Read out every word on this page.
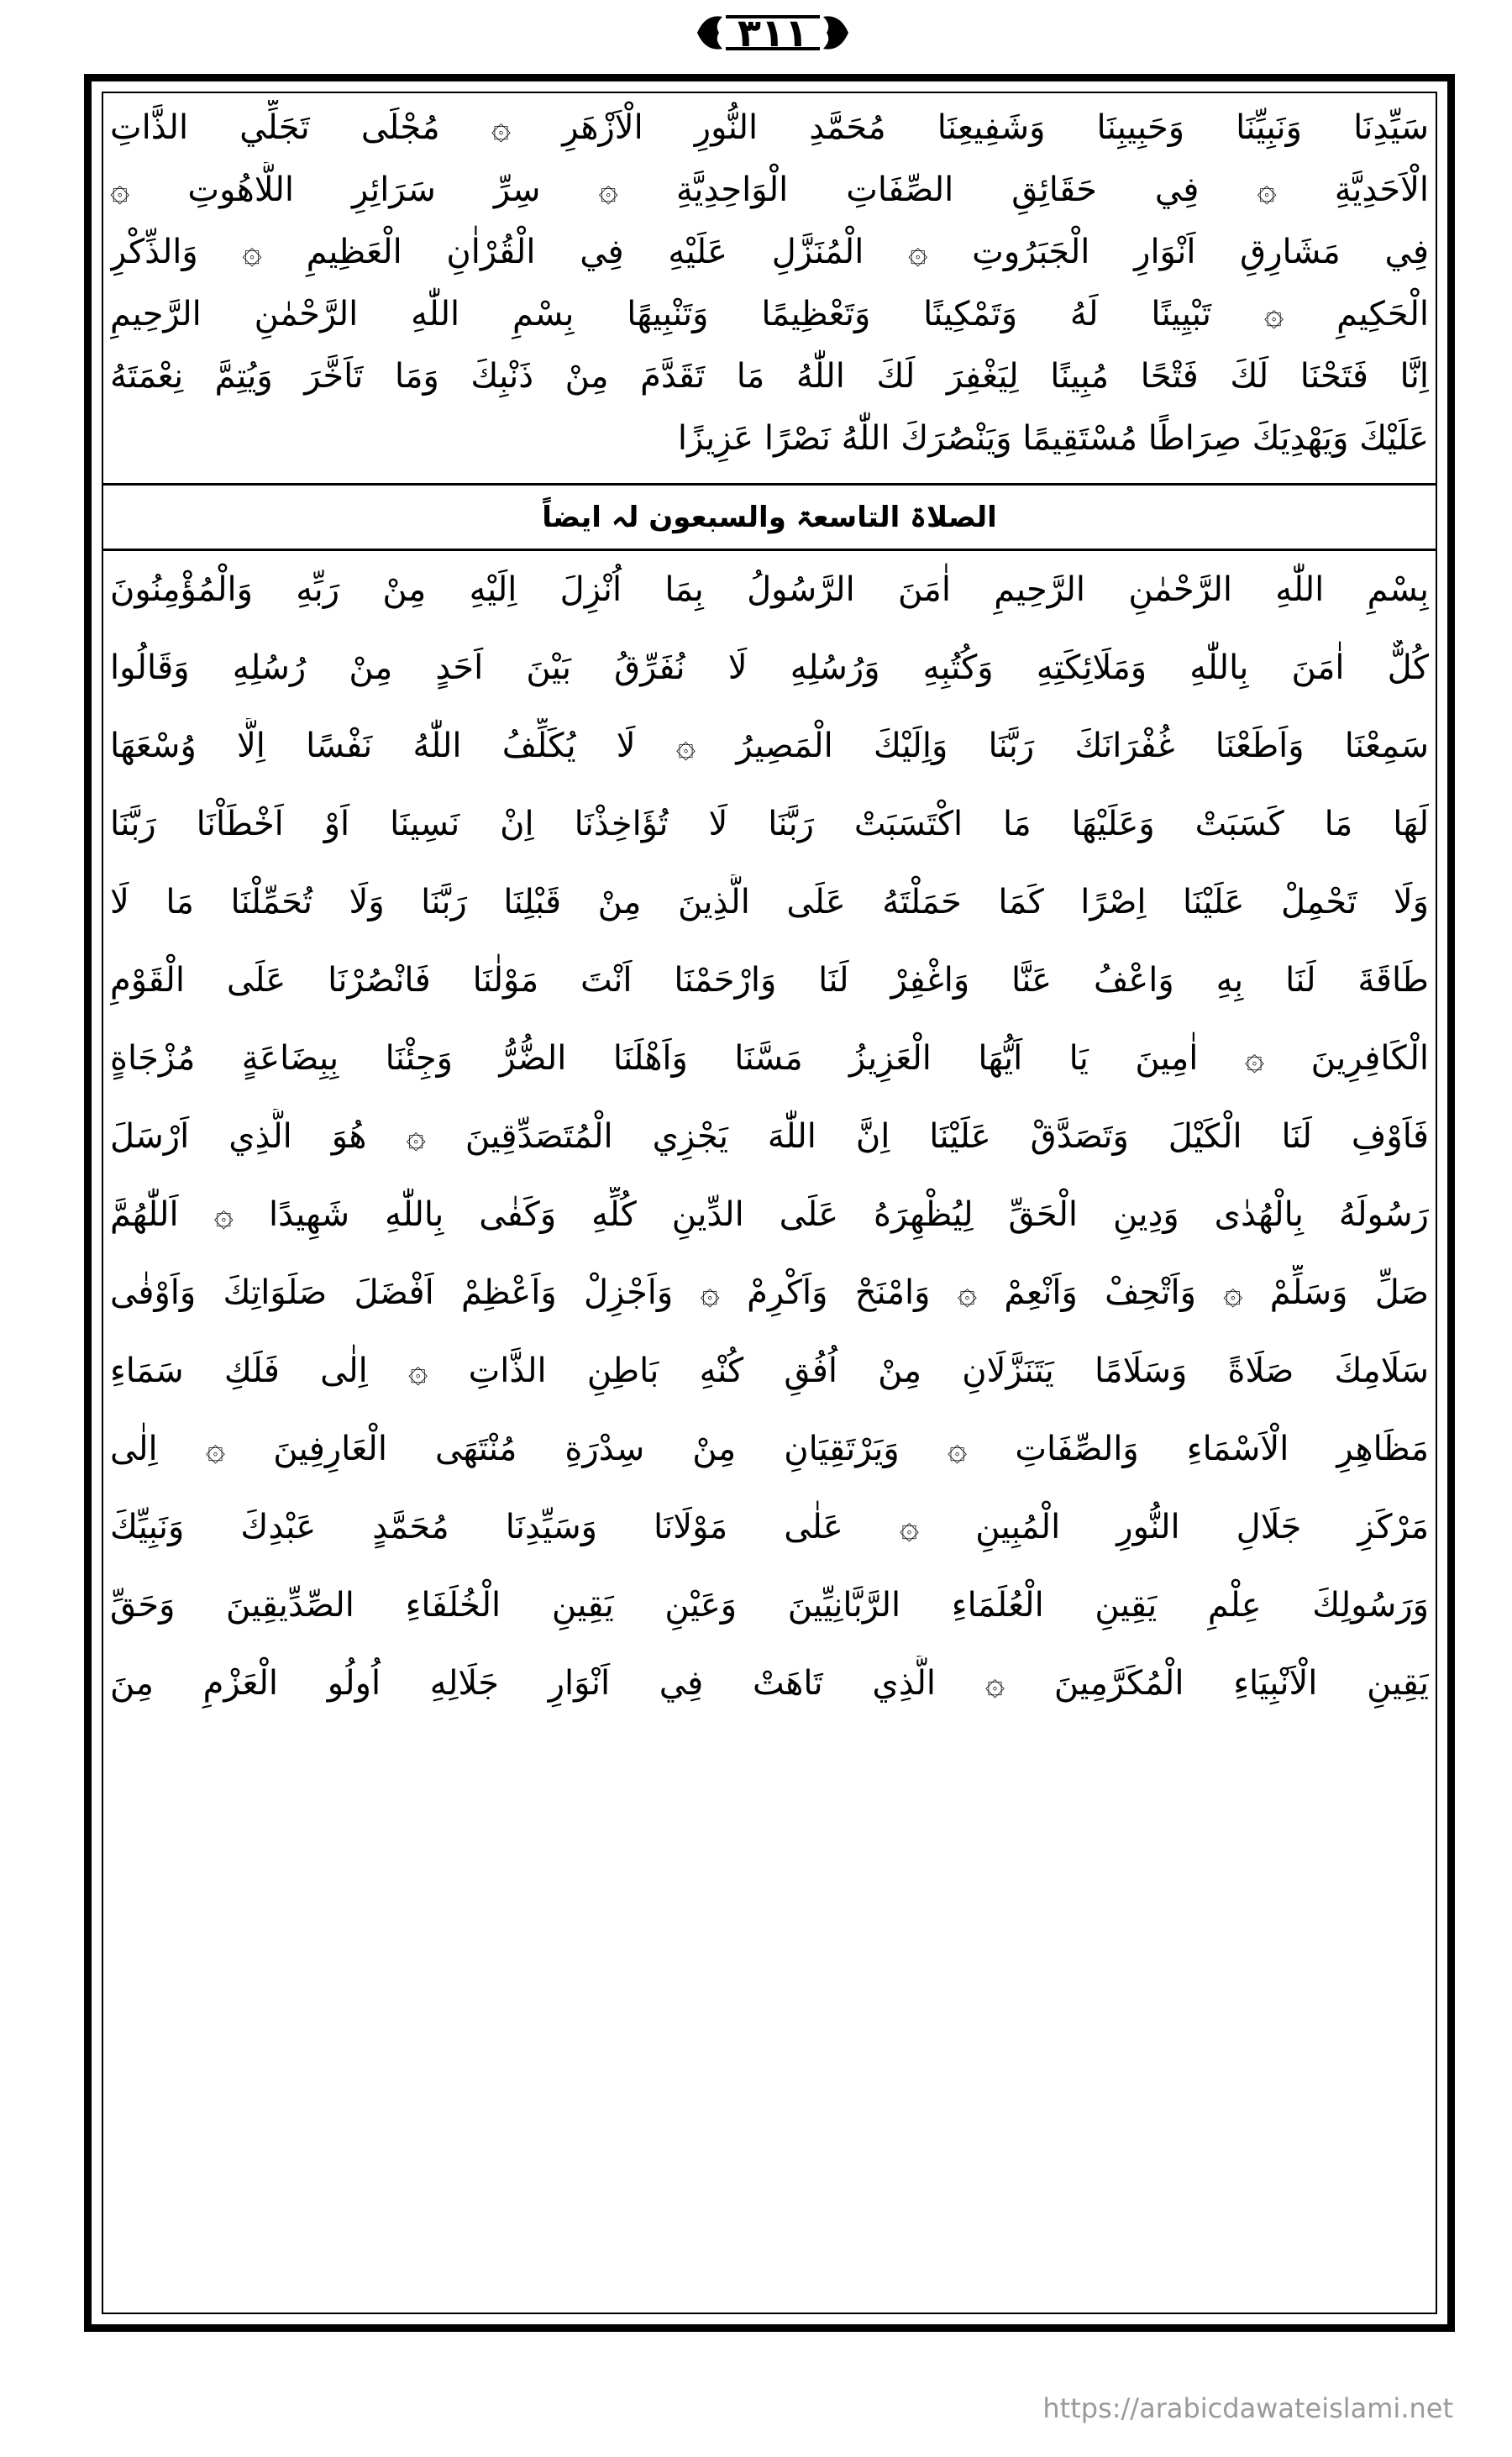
٣١١
سَيِّدِنَا وَنَبِيِّنَا وَحَبِيبِنَا وَشَفِيعِنَا مُحَمَّدِ النُّورِ الْاَزْهَرِ ۞ مُجْلَى تَجَلِّي الذَّاتِ
الْاَحَدِيَّةِ ۞ فِي حَقَائِقِ الصِّفَاتِ الْوَاحِدِيَّةِ ۞ سِرِّ سَرَائِرِ اللَّاهُوتِ ۞
فِي مَشَارِقِ اَنْوَارِ الْجَبَرُوتِ ۞ الْمُنَزَّلِ عَلَيْهِ فِي الْقُرْاٰنِ الْعَظِيمِ ۞ وَالذِّكْرِ
الْحَكِيمِ ۞ تَبْيِينًا لَهُ وَتَمْكِينًا وَتَعْظِيمًا وَتَنْبِيهًا بِسْمِ اللّٰهِ الرَّحْمٰنِ الرَّحِيمِ
اِنَّا فَتَحْنَا لَكَ فَتْحًا مُبِينًا لِيَغْفِرَ لَكَ اللّٰهُ مَا تَقَدَّمَ مِنْ ذَنْبِكَ وَمَا تَاَخَّرَ وَيُتِمَّ نِعْمَتَهُ
عَلَيْكَ وَيَهْدِيَكَ صِرَاطًا مُسْتَقِيمًا وَيَنْصُرَكَ اللّٰهُ نَصْرًا عَزِيزًا
الصلاۃ التاسعۃ والسبعون لہ ایضاً
بِسْمِ اللّٰهِ الرَّحْمٰنِ الرَّحِيمِ اٰمَنَ الرَّسُولُ بِمَا اُنْزِلَ اِلَيْهِ مِنْ رَبِّهِ وَالْمُؤْمِنُونَ
كُلٌّ اٰمَنَ بِاللّٰهِ وَمَلَائِكَتِهِ وَكُتُبِهِ وَرُسُلِهِ لَا نُفَرِّقُ بَيْنَ اَحَدٍ مِنْ رُسُلِهِ وَقَالُوا
سَمِعْنَا وَاَطَعْنَا غُفْرَانَكَ رَبَّنَا وَاِلَيْكَ الْمَصِيرُ ۞ لَا يُكَلِّفُ اللّٰهُ نَفْسًا اِلَّا وُسْعَهَا
لَهَا مَا كَسَبَتْ وَعَلَيْهَا مَا اكْتَسَبَتْ رَبَّنَا لَا تُؤَاخِذْنَا اِنْ نَسِينَا اَوْ اَخْطَاْنَا رَبَّنَا
وَلَا تَحْمِلْ عَلَيْنَا اِصْرًا كَمَا حَمَلْتَهُ عَلَى الَّذِينَ مِنْ قَبْلِنَا رَبَّنَا وَلَا تُحَمِّلْنَا مَا لَا
طَاقَةَ لَنَا بِهِ وَاعْفُ عَنَّا وَاغْفِرْ لَنَا وَارْحَمْنَا اَنْتَ مَوْلٰنَا فَانْصُرْنَا عَلَى الْقَوْمِ
الْكَافِرِينَ ۞ اٰمِينَ يَا اَيُّهَا الْعَزِيزُ مَسَّنَا وَاَهْلَنَا الضُّرُّ وَجِئْنَا بِبِضَاعَةٍ مُزْجَاةٍ
فَاَوْفِ لَنَا الْكَيْلَ وَتَصَدَّقْ عَلَيْنَا اِنَّ اللّٰهَ يَجْزِي الْمُتَصَدِّقِينَ ۞ هُوَ الَّذِي اَرْسَلَ
رَسُولَهُ بِالْهُدٰى وَدِينِ الْحَقِّ لِيُظْهِرَهُ عَلَى الدِّينِ كُلِّهِ وَكَفٰى بِاللّٰهِ شَهِيدًا ۞ اَللّٰهُمَّ
صَلِّ وَسَلِّمْ ۞ وَاَتْحِفْ وَاَنْعِمْ ۞ وَامْنَحْ وَاَكْرِمْ ۞ وَاَجْزِلْ وَاَعْظِمْ اَفْضَلَ صَلَوَاتِكَ وَاَوْفٰى
سَلَامِكَ صَلَاةً وَسَلَامًا يَتَنَزَّلَانِ مِنْ اُفُقِ كُنْهِ بَاطِنِ الذَّاتِ ۞ اِلٰى فَلَكِ سَمَاءِ
مَظَاهِرِ الْاَسْمَاءِ وَالصِّفَاتِ ۞ وَيَرْتَقِيَانِ مِنْ سِدْرَةِ مُنْتَهَى الْعَارِفِينَ ۞ اِلٰى
مَرْكَزِ جَلَالِ النُّورِ الْمُبِينِ ۞ عَلٰى مَوْلَانَا وَسَيِّدِنَا مُحَمَّدٍ عَبْدِكَ وَنَبِيِّكَ
وَرَسُولِكَ عِلْمِ يَقِينِ الْعُلَمَاءِ الرَّبَّانِيِّينَ وَعَيْنِ يَقِينِ الْخُلَفَاءِ الصِّدِّيقِينَ وَحَقِّ
يَقِينِ الْاَنْبِيَاءِ الْمُكَرَّمِينَ ۞ الَّذِي تَاهَتْ فِي اَنْوَارِ جَلَالِهِ اُولُو الْعَزْمِ مِنَ
https://arabicdawateislami.net
